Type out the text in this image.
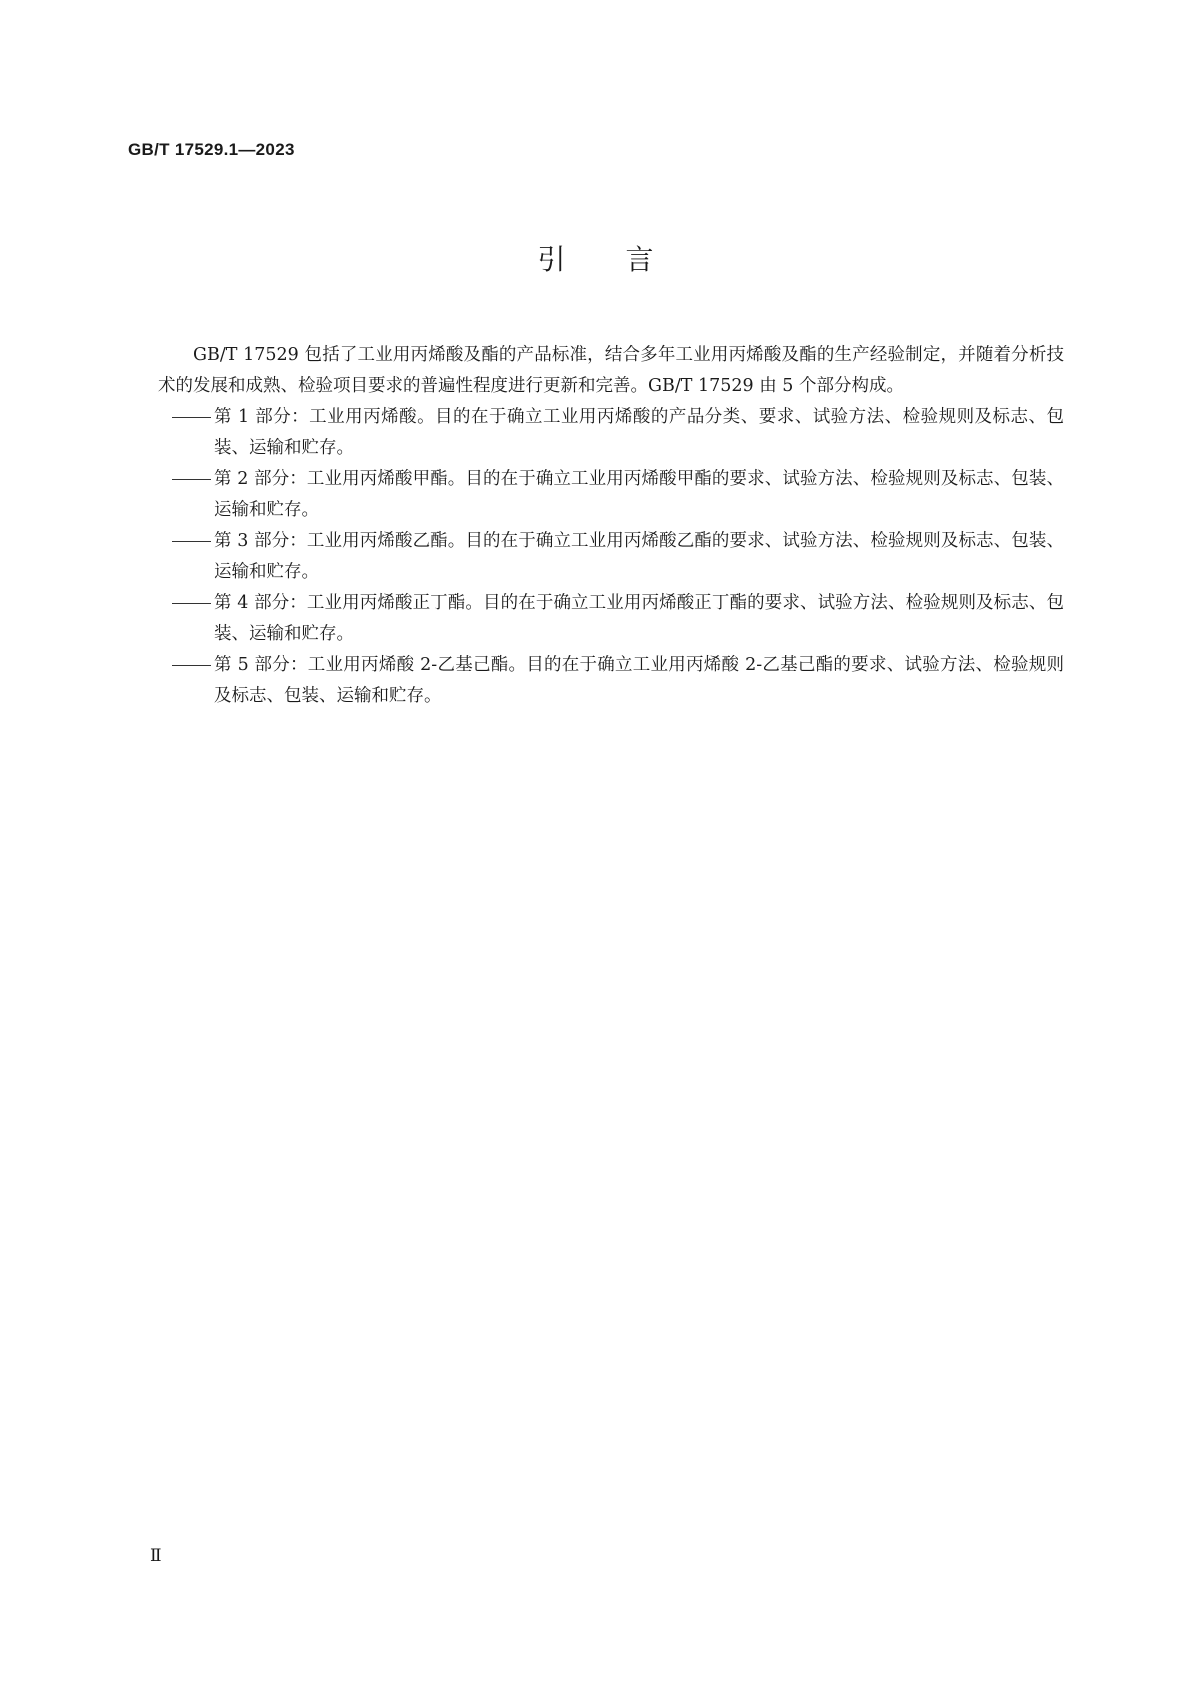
GB/T 17529.1—2023
引言

GB/T 17529 包括了工业用丙烯酸及酯的产品标准，结合多年工业用丙烯酸及酯的生产经验制定，并随着分析技术的发展和成熟、检验项目要求的普遍性程度进行更新和完善。GB/T 17529 由 5 个部分构成。

第 1 部分：工业用丙烯酸。目的在于确立工业用丙烯酸的产品分类、要求、试验方法、检验规则及标志、包装、运输和贮存。
第 2 部分：工业用丙烯酸甲酯。目的在于确立工业用丙烯酸甲酯的要求、试验方法、检验规则及标志、包装、运输和贮存。
第 3 部分：工业用丙烯酸乙酯。目的在于确立工业用丙烯酸乙酯的要求、试验方法、检验规则及标志、包装、运输和贮存。
第 4 部分：工业用丙烯酸正丁酯。目的在于确立工业用丙烯酸正丁酯的要求、试验方法、检验规则及标志、包装、运输和贮存。
第 5 部分：工业用丙烯酸 2-乙基己酯。目的在于确立工业用丙烯酸 2-乙基己酯的要求、试验方法、检验规则及标志、包装、运输和贮存。
Ⅱ
